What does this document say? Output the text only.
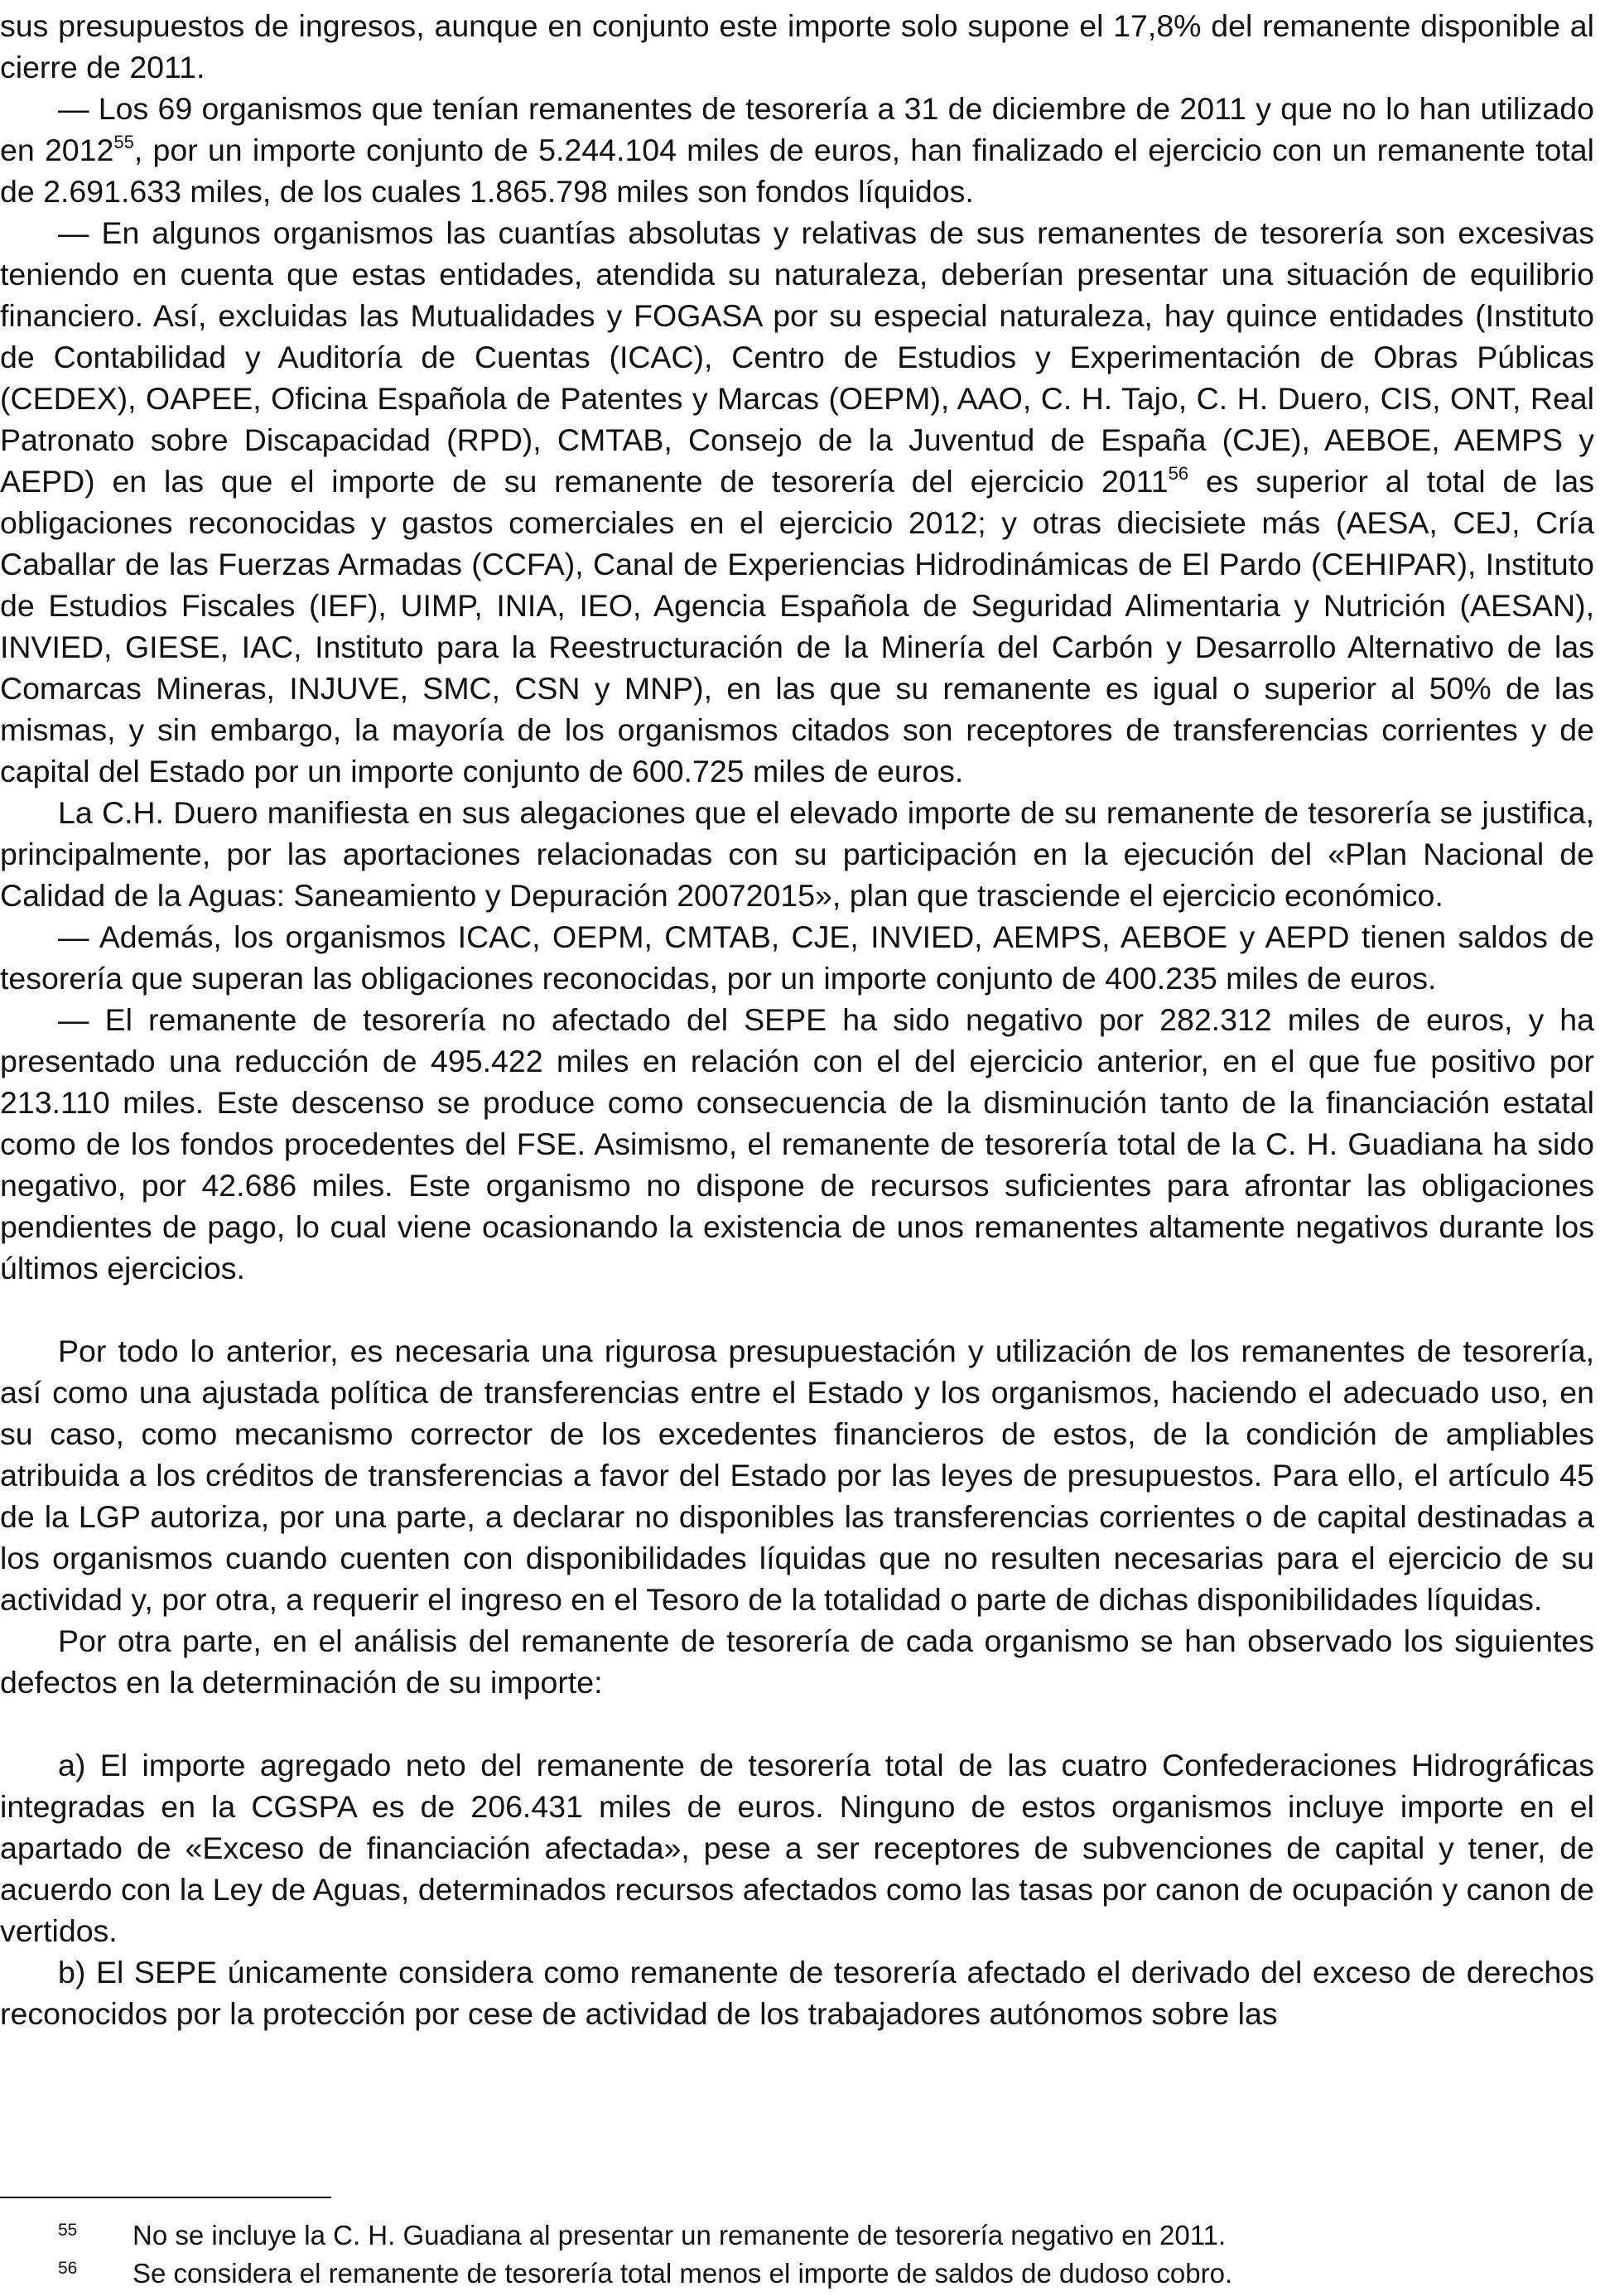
sus presupuestos de ingresos, aunque en conjunto este importe solo supone el 17,8% del remanente disponible al cierre de 2011.

— Los 69 organismos que tenían remanentes de tesorería a 31 de diciembre de 2011 y que no lo han utilizado en 2012$^{55}$, por un importe conjunto de 5.244.104 miles de euros, han finalizado el ejercicio con un remanente total de 2.691.633 miles, de los cuales 1.865.798 miles son fondos líquidos.

— En algunos organismos las cuantías absolutas y relativas de sus remanentes de tesorería son excesivas teniendo en cuenta que estas entidades, atendida su naturaleza, deberían presentar una situación de equilibrio financiero. Así, excluidas las Mutualidades y FOGASA por su especial naturaleza, hay quince entidades (Instituto de Contabilidad y Auditoría de Cuentas (ICAC), Centro de Estudios y Experimentación de Obras Públicas (CEDEX), OAPEE, Oficina Española de Patentes y Marcas (OEPM), AAO, C. H. Tajo, C. H. Duero, CIS, ONT, Real Patronato sobre Discapacidad (RPD), CMTAB, Consejo de la Juventud de España (CJE), AEBOE, AEMPS y AEPD) en las que el importe de su remanente de tesorería del ejercicio 2011$^{56}$ es superior al total de las obligaciones reconocidas y gastos comerciales en el ejercicio 2012; y otras diecisiete más (AESA, CEJ, Cría Caballar de las Fuerzas Armadas (CCFA), Canal de Experiencias Hidrodinámicas de El Pardo (CEHIPAR), Instituto de Estudios Fiscales (IEF), UIMP, INIA, IEO, Agencia Española de Seguridad Alimentaria y Nutrición (AESAN), INVIED, GIESE, IAC, Instituto para la Reestructuración de la Minería del Carbón y Desarrollo Alternativo de las Comarcas Mineras, INJUVE, SMC, CSN y MNP), en las que su remanente es igual o superior al 50% de las mismas, y sin embargo, la mayoría de los organismos citados son receptores de transferencias corrientes y de capital del Estado por un importe conjunto de 600.725 miles de euros.

La C.H. Duero manifiesta en sus alegaciones que el elevado importe de su remanente de tesorería se justifica, principalmente, por las aportaciones relacionadas con su participación en la ejecución del «Plan Nacional de Calidad de la Aguas: Saneamiento y Depuración 20072015», plan que trasciende el ejercicio económico.

— Además, los organismos ICAC, OEPM, CMTAB, CJE, INVIED, AEMPS, AEBOE y AEPD tienen saldos de tesorería que superan las obligaciones reconocidas, por un importe conjunto de 400.235 miles de euros.

— El remanente de tesorería no afectado del SEPE ha sido negativo por 282.312 miles de euros, y ha presentado una reducción de 495.422 miles en relación con el del ejercicio anterior, en el que fue positivo por 213.110 miles. Este descenso se produce como consecuencia de la disminución tanto de la financiación estatal como de los fondos procedentes del FSE. Asimismo, el remanente de tesorería total de la C. H. Guadiana ha sido negativo, por 42.686 miles. Este organismo no dispone de recursos suficientes para afrontar las obligaciones pendientes de pago, lo cual viene ocasionando la existencia de unos remanentes altamente negativos durante los últimos ejercicios.

Por todo lo anterior, es necesaria una rigurosa presupuestación y utilización de los remanentes de tesorería, así como una ajustada política de transferencias entre el Estado y los organismos, haciendo el adecuado uso, en su caso, como mecanismo corrector de los excedentes financieros de estos, de la condición de ampliables atribuida a los créditos de transferencias a favor del Estado por las leyes de presupuestos. Para ello, el artículo 45 de la LGP autoriza, por una parte, a declarar no disponibles las transferencias corrientes o de capital destinadas a los organismos cuando cuenten con disponibilidades líquidas que no resulten necesarias para el ejercicio de su actividad y, por otra, a requerir el ingreso en el Tesoro de la totalidad o parte de dichas disponibilidades líquidas.

Por otra parte, en el análisis del remanente de tesorería de cada organismo se han observado los siguientes defectos en la determinación de su importe:

a) El importe agregado neto del remanente de tesorería total de las cuatro Confederaciones Hidrográficas integradas en la CGSPA es de 206.431 miles de euros. Ninguno de estos organismos incluye importe en el apartado de «Exceso de financiación afectada», pese a ser receptores de subvenciones de capital y tener, de acuerdo con la Ley de Aguas, determinados recursos afectados como las tasas por canon de ocupación y canon de vertidos.

b) El SEPE únicamente considera como remanente de tesorería afectado el derivado del exceso de derechos reconocidos por la protección por cese de actividad de los trabajadores autónomos sobre las

55 No se incluye la C. H. Guadiana al presentar un remanente de tesorería negativo en 2011.
56 Se considera el remanente de tesorería total menos el importe de saldos de dudoso cobro.
